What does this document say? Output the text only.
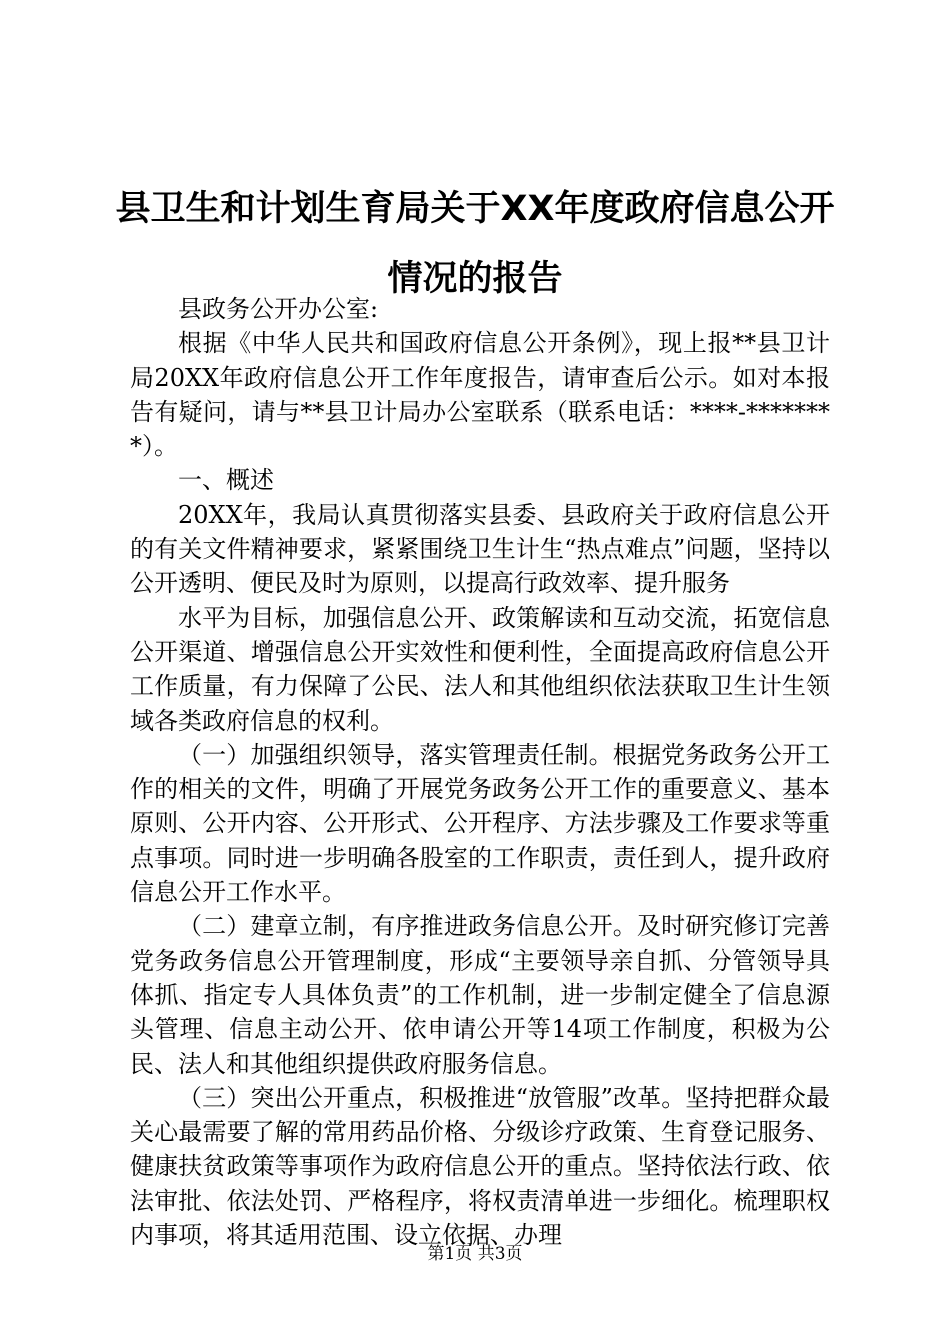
县卫生和计划生育局关于XX年度政府信息公开情况的报告

县政务公开办公室:

根据《中华人民共和国政府信息公开条例》，现上报**县卫计局20XX年政府信息公开工作年度报告，请审查后公示。如对本报告有疑问，请与**县卫计局办公室联系（联系电话：****-********）。

一、概述

20XX年，我局认真贯彻落实县委、县政府关于政府信息公开的有关文件精神要求，紧紧围绕卫生计生“热点难点”问题，坚持以公开透明、便民及时为原则，以提高行政效率、提升服务

水平为目标，加强信息公开、政策解读和互动交流，拓宽信息公开渠道、增强信息公开实效性和便利性，全面提高政府信息公开工作质量，有力保障了公民、法人和其他组织依法获取卫生计生领域各类政府信息的权利。

（一）加强组织领导，落实管理责任制。根据党务政务公开工作的相关的文件，明确了开展党务政务公开工作的重要意义、基本原则、公开内容、公开形式、公开程序、方法步骤及工作要求等重点事项。同时进一步明确各股室的工作职责，责任到人，提升政府信息公开工作水平。

（二）建章立制，有序推进政务信息公开。及时研究修订完善党务政务信息公开管理制度，形成“主要领导亲自抓、分管领导具体抓、指定专人具体负责”的工作机制，进一步制定健全了信息源头管理、信息主动公开、依申请公开等14项工作制度，积极为公民、法人和其他组织提供政府服务信息。

（三）突出公开重点，积极推进“放管服”改革。坚持把群众最关心最需要了解的常用药品价格、分级诊疗政策、生育登记服务、健康扶贫政策等事项作为政府信息公开的重点。坚持依法行政、依法审批、依法处罚、严格程序，将权责清单进一步细化。梳理职权内事项，将其适用范围、设立依据、办理

第1页 共3页
